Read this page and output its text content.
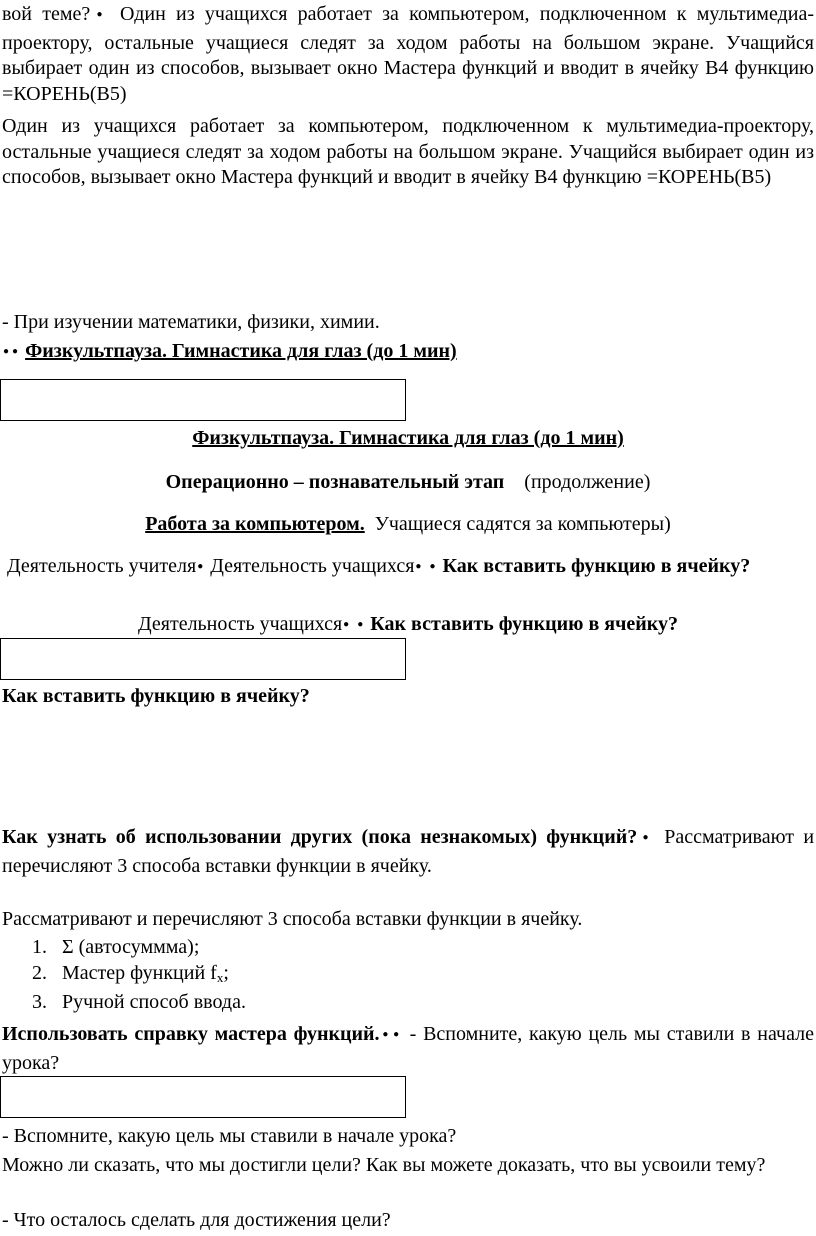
вой теме? ● Один из учащихся работает за компьютером, подключенном к мультимедиа-проектору, остальные учащиеся следят за ходом работы на большом экране. Учащийся выбирает один из способов, вызывает окно Мастера функций и вводит в ячейку В4 функцию =КОРЕНЬ(В5)
Один из учащихся работает за компьютером, подключенном к мультимедиа-проектору, остальные учащиеся следят за ходом работы на большом экране. Учащийся выбирает один из способов, вызывает окно Мастера функций и вводит в ячейку В4 функцию =КОРЕНЬ(В5)
- При изучении математики, физики, химии.
● ● Физкультпауза. Гимнастика для глаз (до 1 мин)
Физкультпауза. Гимнастика для глаз (до 1 мин)
Операционно – познавательный этап (продолжение)
Работа за компьютером. Учащиеся садятся за компьютеры)
Деятельность учителя ● Деятельность учащихся ● ● Как вставить функцию в ячейку?
Деятельность учащихся ● ● Как вставить функцию в ячейку?
Как вставить функцию в ячейку?
Как узнать об использовании других (пока незнакомых) функций? ● Рассматривают и перечисляют 3 способа вставки функции в ячейку.
Рассматривают и перечисляют 3 способа вставки функции в ячейку.
1. Σ (автосуммма);
2. Мастер функций $f_x$;
3. Ручной способ ввода.
Использовать справку мастера функций. ● ● - Вспомните, какую цель мы ставили в начале урока?
- Вспомните, какую цель мы ставили в начале урока?
Можно ли сказать, что мы достигли цели? Как вы можете доказать, что вы усвоили тему?
- Что осталось сделать для достижения цели?
